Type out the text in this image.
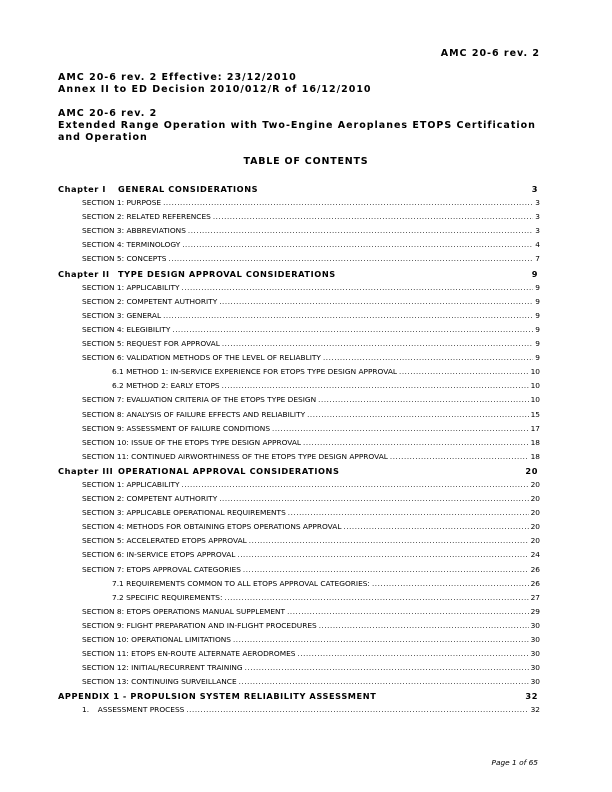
AMC 20-6 rev. 2
AMC 20-6 rev. 2 Effective: 23/12/2010
Annex II to ED Decision 2010/012/R of 16/12/2010
AMC 20-6 rev. 2
Extended Range Operation with Two-Engine Aeroplanes ETOPS Certification and Operation
TABLE OF CONTENTS
Chapter I	GENERAL CONSIDERATIONS	3
SECTION 1: PURPOSE .....	3
SECTION 2: RELATED REFERENCES .....	3
SECTION 3: ABBREVIATIONS .....	3
SECTION 4: TERMINOLOGY .....	4
SECTION 5: CONCEPTS .....	7
Chapter II	TYPE DESIGN APPROVAL CONSIDERATIONS	9
SECTION 1: APPLICABILITY .....	9
SECTION 2: COMPETENT AUTHORITY .....	9
SECTION 3: GENERAL .....	9
SECTION 4: ELEGIBILITY .....	9
SECTION 5: REQUEST FOR APPROVAL .....	9
SECTION 6: VALIDATION METHODS OF THE LEVEL OF RELIABLITY .....	9
6.1 METHOD 1: IN-SERVICE EXPERIENCE FOR ETOPS TYPE DESIGN APPROVAL .....	10
6.2 METHOD 2: EARLY ETOPS .....	10
SECTION 7: EVALUATION CRITERIA OF THE ETOPS TYPE DESIGN .....	10
SECTION 8: ANALYSIS OF FAILURE EFFECTS AND RELIABILITY .....	15
SECTION 9: ASSESSMENT OF FAILURE CONDITIONS .....	17
SECTION 10: ISSUE OF THE ETOPS TYPE DESIGN APPROVAL .....	18
SECTION 11: CONTINUED AIRWORTHINESS OF THE ETOPS TYPE DESIGN APPROVAL .....	18
Chapter III OPERATIONAL APPROVAL CONSIDERATIONS	20
SECTION 1: APPLICABILITY .....	20
SECTION 2: COMPETENT AUTHORITY .....	20
SECTION 3: APPLICABLE OPERATIONAL REQUIREMENTS .....	20
SECTION 4: METHODS FOR OBTAINING ETOPS OPERATIONS APPROVAL .....	20
SECTION 5: ACCELERATED ETOPS APPROVAL .....	20
SECTION 6: IN-SERVICE ETOPS APPROVAL .....	24
SECTION 7: ETOPS APPROVAL CATEGORIES .....	26
7.1 REQUIREMENTS COMMON TO ALL ETOPS APPROVAL CATEGORIES: .....	26
7.2 SPECIFIC REQUIREMENTS: .....	27
SECTION 8: ETOPS OPERATIONS MANUAL SUPPLEMENT .....	29
SECTION 9: FLIGHT PREPARATION AND IN-FLIGHT PROCEDURES .....	30
SECTION 10: OPERATIONAL LIMITATIONS .....	30
SECTION 11: ETOPS EN-ROUTE ALTERNATE AERODROMES .....	30
SECTION 12: INITIAL/RECURRENT TRAINING .....	30
SECTION 13: CONTINUING SURVEILLANCE .....	30
APPENDIX 1 - PROPULSION SYSTEM RELIABILITY ASSESSMENT	32
1.	ASSESSMENT PROCESS .....	32
Page 1 of 65
